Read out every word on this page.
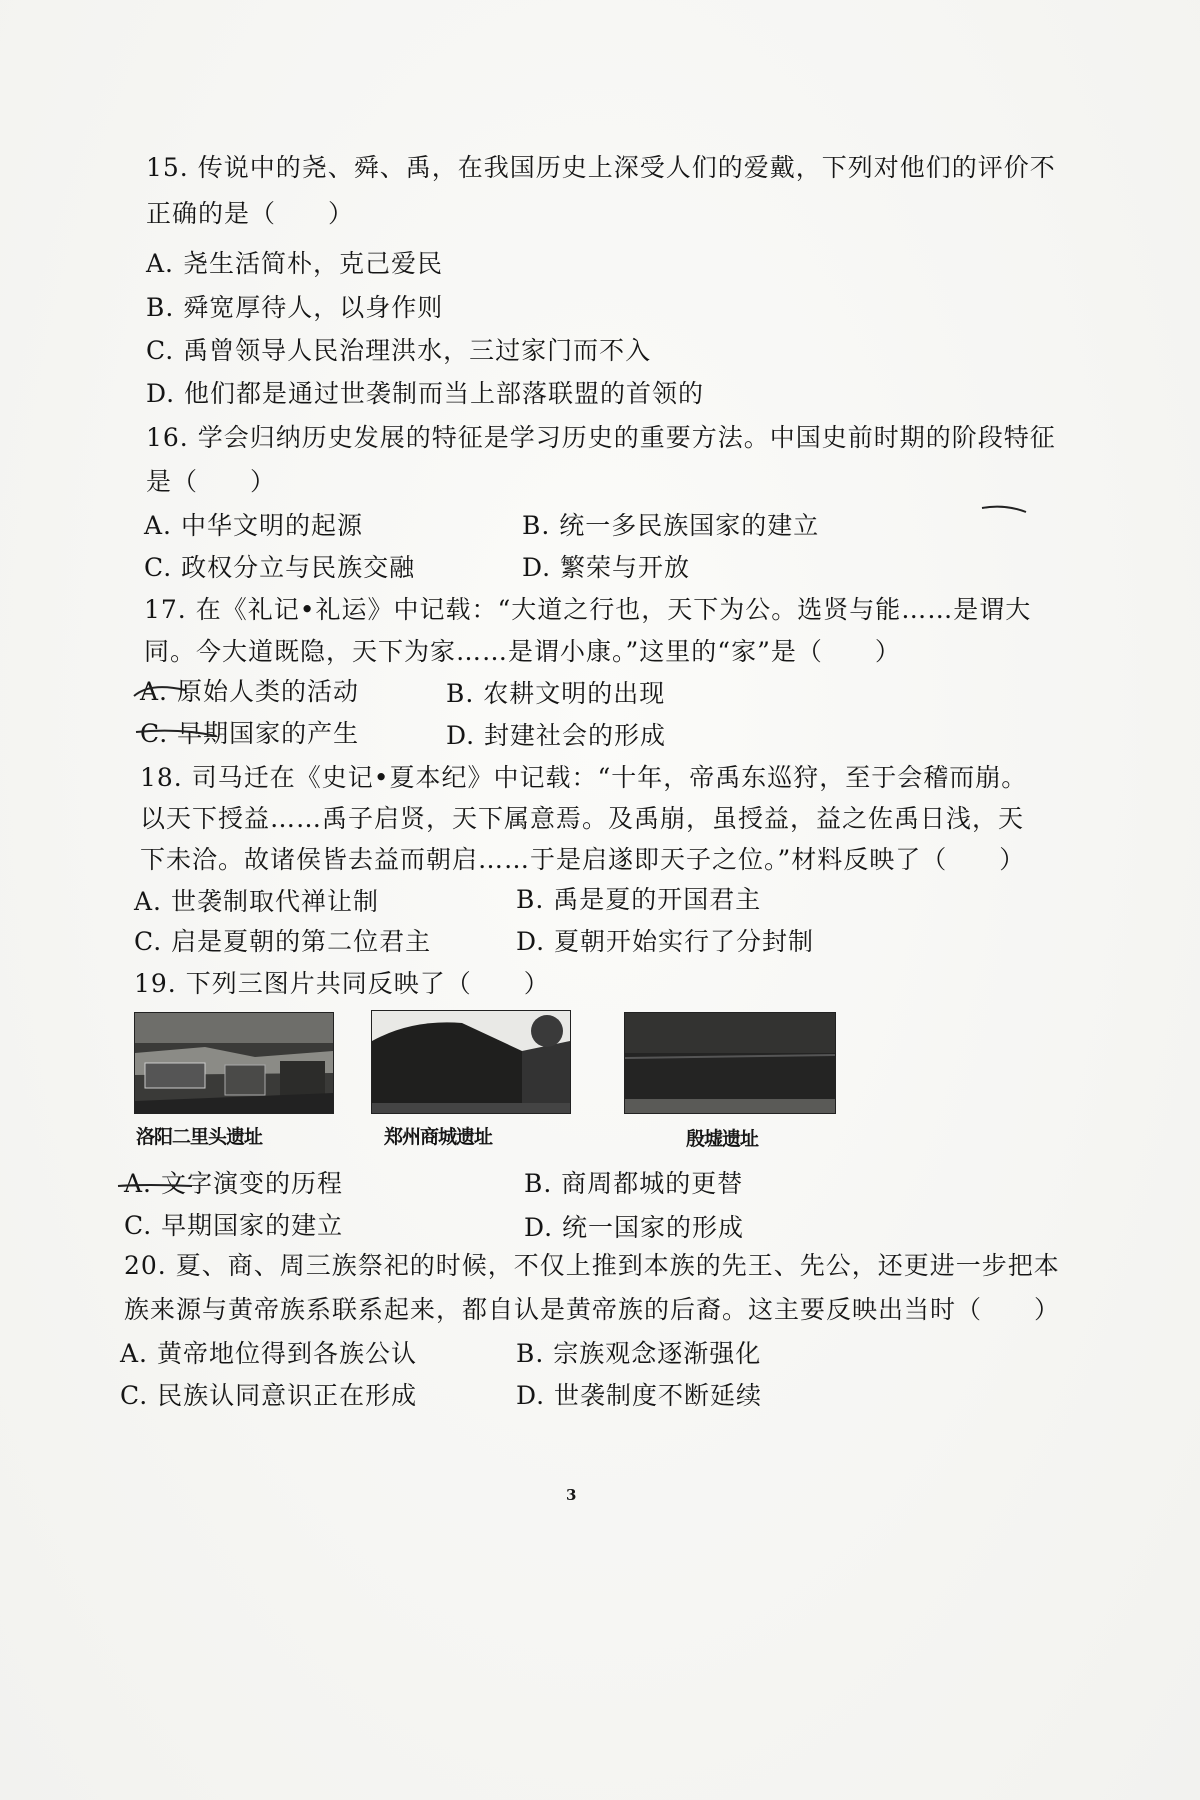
15. 传说中的尧、舜、禹，在我国历史上深受人们的爱戴，下列对他们的评价不
正确的是（　　）
A. 尧生活简朴，克己爱民
B. 舜宽厚待人，以身作则
C. 禹曾领导人民治理洪水，三过家门而不入
D. 他们都是通过世袭制而当上部落联盟的首领的
16. 学会归纳历史发展的特征是学习历史的重要方法。中国史前时期的阶段特征
是（　　）
A. 中华文明的起源	B. 统一多民族国家的建立
C. 政权分立与民族交融	D. 繁荣与开放
17. 在《礼记•礼运》中记载：“大道之行也，天下为公。选贤与能……是谓大
同。今大道既隐，天下为家……是谓小康。”这里的“家”是（　　）
A. 原始人类的活动	B. 农耕文明的出现
C. 早期国家的产生	D. 封建社会的形成
18. 司马迁在《史记•夏本纪》中记载：“十年，帝禹东巡狩，至于会稽而崩。
以天下授益……禹子启贤，天下属意焉。及禹崩，虽授益，益之佐禹日浅，天
下未洽。故诸侯皆去益而朝启……于是启遂即天子之位。”材料反映了（　　）
A. 世袭制取代禅让制	B. 禹是夏的开国君主
C. 启是夏朝的第二位君主	D. 夏朝开始实行了分封制
19. 下列三图片共同反映了（　　）
洛阳二里头遗址	郑州商城遗址	殷墟遗址
A. 文字演变的历程	B. 商周都城的更替
C. 早期国家的建立	D. 统一国家的形成
20. 夏、商、周三族祭祀的时候，不仅上推到本族的先王、先公，还更进一步把本
族来源与黄帝族系联系起来，都自认是黄帝族的后裔。这主要反映出当时（　　）
A. 黄帝地位得到各族公认	B. 宗族观念逐渐强化
C. 民族认同意识正在形成	D. 世袭制度不断延续
3
